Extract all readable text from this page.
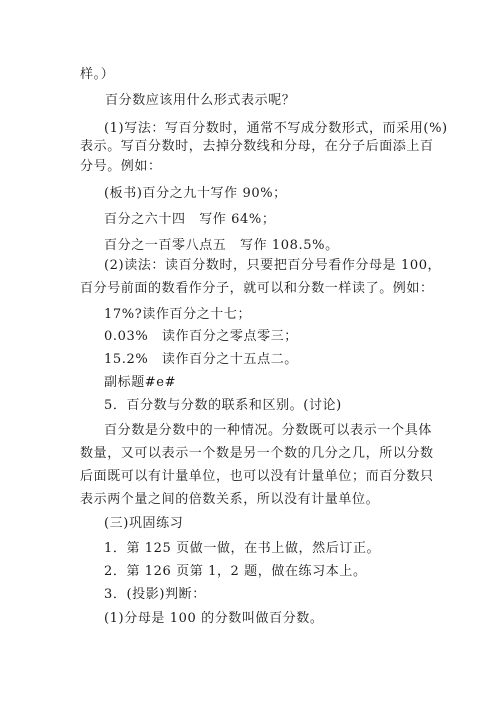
样。）
百分数应该用什么形式表示呢？
(1)写法：写百分数时，通常不写成分数形式，而采用(%)
表示。写百分数时，去掉分数线和分母，在分子后面添上百
分号。例如：
(板书)百分之九十写作 90%；
百分之六十四　写作 64%；
百分之一百零八点五　写作 108.5%。
(2)读法：读百分数时，只要把百分号看作分母是 100，
百分号前面的数看作分子，就可以和分数一样读了。例如：
17%?读作百分之十七；
0.03%　读作百分之零点零三；
15.2%　读作百分之十五点二。
副标题#e#
5．百分数与分数的联系和区别。(讨论)
百分数是分数中的一种情况。分数既可以表示一个具体
数量，又可以表示一个数是另一个数的几分之几，所以分数
后面既可以有计量单位，也可以没有计量单位；而百分数只
表示两个量之间的倍数关系，所以没有计量单位。
(三)巩固练习
1．第 125 页做一做，在书上做，然后订正。
2．第 126 页第 1，2 题，做在练习本上。
3．(投影)判断：
(1)分母是 100 的分数叫做百分数。
